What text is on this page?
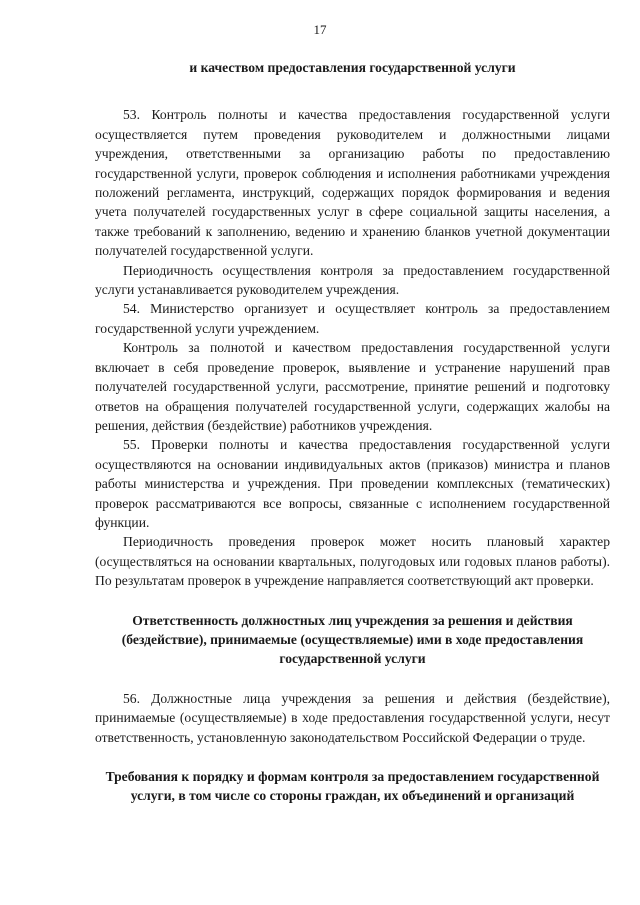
17

и качеством предоставления государственной услуги

53. Контроль полноты и качества предоставления государственной услуги осуществляется путем проведения руководителем и должностными лицами учреждения, ответственными за организацию работы по предоставлению государственной услуги, проверок соблюдения и исполнения работниками учреждения положений регламента, инструкций, содержащих порядок формирования и ведения учета получателей государственных услуг в сфере социальной защиты населения, а также требований к заполнению, ведению и хранению бланков учетной документации получателей государственной услуги.

Периодичность осуществления контроля за предоставлением государственной услуги устанавливается руководителем учреждения.

54. Министерство организует и осуществляет контроль за предоставлением государственной услуги учреждением.

Контроль за полнотой и качеством предоставления государственной услуги включает в себя проведение проверок, выявление и устранение нарушений прав получателей государственной услуги, рассмотрение, принятие решений и подготовку ответов на обращения получателей государственной услуги, содержащих жалобы на решения, действия (бездействие) работников учреждения.

55. Проверки полноты и качества предоставления государственной услуги осуществляются на основании индивидуальных актов (приказов) министра и планов работы министерства и учреждения. При проведении комплексных (тематических) проверок рассматриваются все вопросы, связанные с исполнением государственной функции.

Периодичность проведения проверок может носить плановый характер (осуществляться на основании квартальных, полугодовых или годовых планов работы). По результатам проверок в учреждение направляется соответствующий акт проверки.

Ответственность должностных лиц учреждения за решения и действия (бездействие), принимаемые (осуществляемые) ими в ходе предоставления государственной услуги

56. Должностные лица учреждения за решения и действия (бездействие), принимаемые (осуществляемые) в ходе предоставления государственной услуги, несут ответственность, установленную законодательством Российской Федерации о труде.

Требования к порядку и формам контроля за предоставлением государственной услуги, в том числе со стороны граждан, их объединений и организаций
